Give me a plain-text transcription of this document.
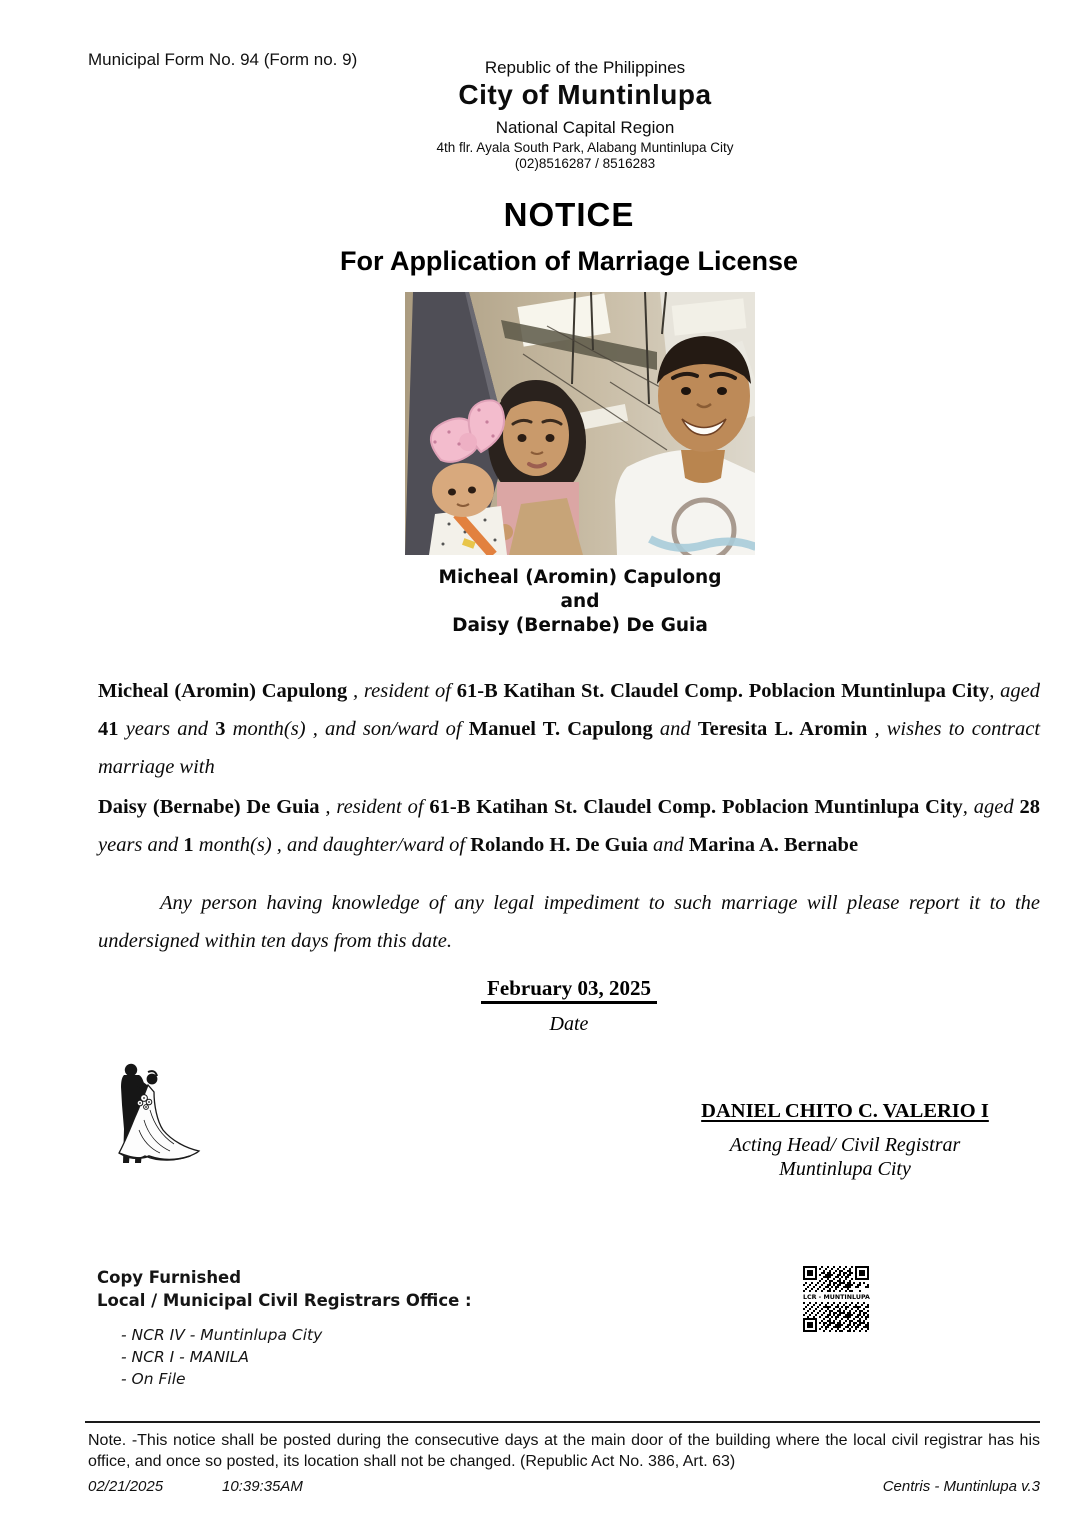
Municipal Form No. 94 (Form no. 9)	Republic of the Philippines
City of Muntinlupa
National Capital Region
4th flr. Ayala South Park, Alabang Muntinlupa City
(02)8516287 / 8516283
NOTICE
For Application of Marriage License
Micheal (Aromin) Capulong
and
Daisy (Bernabe) De Guia

Micheal (Aromin) Capulong , resident of 61-B Katihan St. Claudel Comp. Poblacion Muntinlupa City, aged 41 years and 3 month(s) , and son/ward of Manuel T. Capulong and Teresita L. Aromin , wishes to contract marriage with

Daisy (Bernabe) De Guia , resident of 61-B Katihan St. Claudel Comp. Poblacion Muntinlupa City, aged 28 years and 1 month(s) , and daughter/ward of Rolando H. De Guia and Marina A. Bernabe

Any person having knowledge of any legal impediment to such marriage will please report it to the undersigned within ten days from this date.

February 03, 2025
Date
DANIEL CHITO C. VALERIO I
Acting Head/ Civil Registrar
Muntinlupa City
Copy Furnished
Local / Municipal Civil Registrars Office :
- NCR IV - Muntinlupa City
- NCR I - MANILA
- On File
LCR - MUNTINLUPA

Note. -This notice shall be posted during the consecutive days at the main door of the building where the local civil registrar has his office, and once so posted, its location shall not be changed. (Republic Act No. 386, Art. 63)

02/21/2025	10:39:35AM	Centris - Muntinlupa v.3
